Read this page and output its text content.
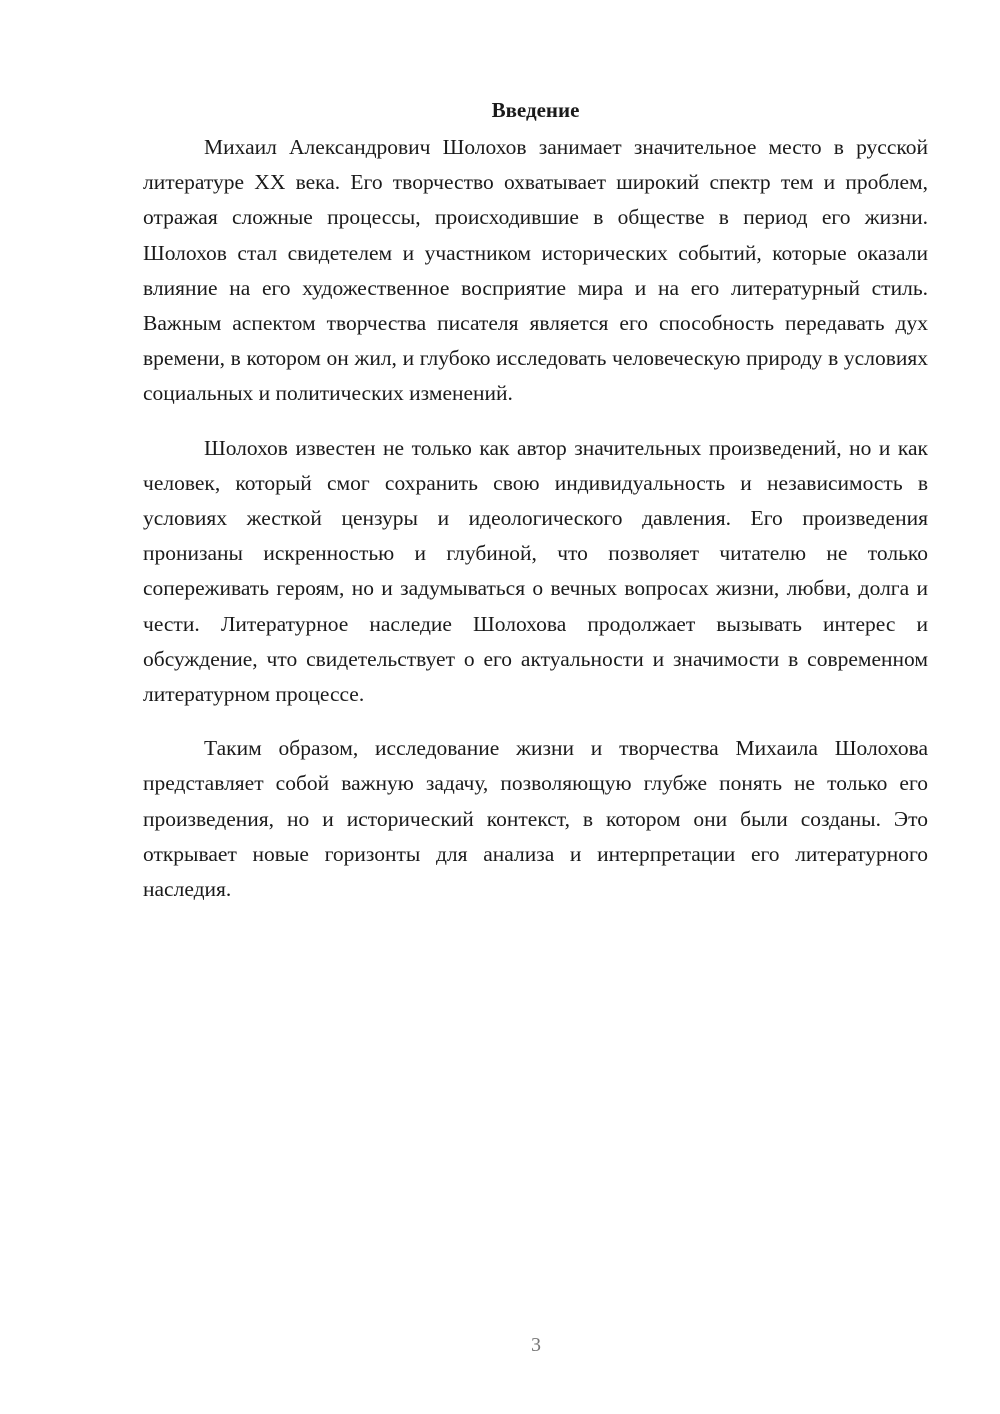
Введение

Михаил Александрович Шолохов занимает значительное место в русской литературе XX века. Его творчество охватывает широкий спектр тем и проблем, отражая сложные процессы, происходившие в обществе в период его жизни. Шолохов стал свидетелем и участником исторических событий, которые оказали влияние на его художественное восприятие мира и на его литературный стиль. Важным аспектом творчества писателя является его способность передавать дух времени, в котором он жил, и глубоко исследовать человеческую природу в условиях социальных и политических изменений.

Шолохов известен не только как автор значительных произведений, но и как человек, который смог сохранить свою индивидуальность и независимость в условиях жесткой цензуры и идеологического давления. Его произведения пронизаны искренностью и глубиной, что позволяет читателю не только сопереживать героям, но и задумываться о вечных вопросах жизни, любви, долга и чести. Литературное наследие Шолохова продолжает вызывать интерес и обсуждение, что свидетельствует о его актуальности и значимости в современном литературном процессе.

Таким образом, исследование жизни и творчества Михаила Шолохова представляет собой важную задачу, позволяющую глубже понять не только его произведения, но и исторический контекст, в котором они были созданы. Это открывает новые горизонты для анализа и интерпретации его литературного наследия.

3
